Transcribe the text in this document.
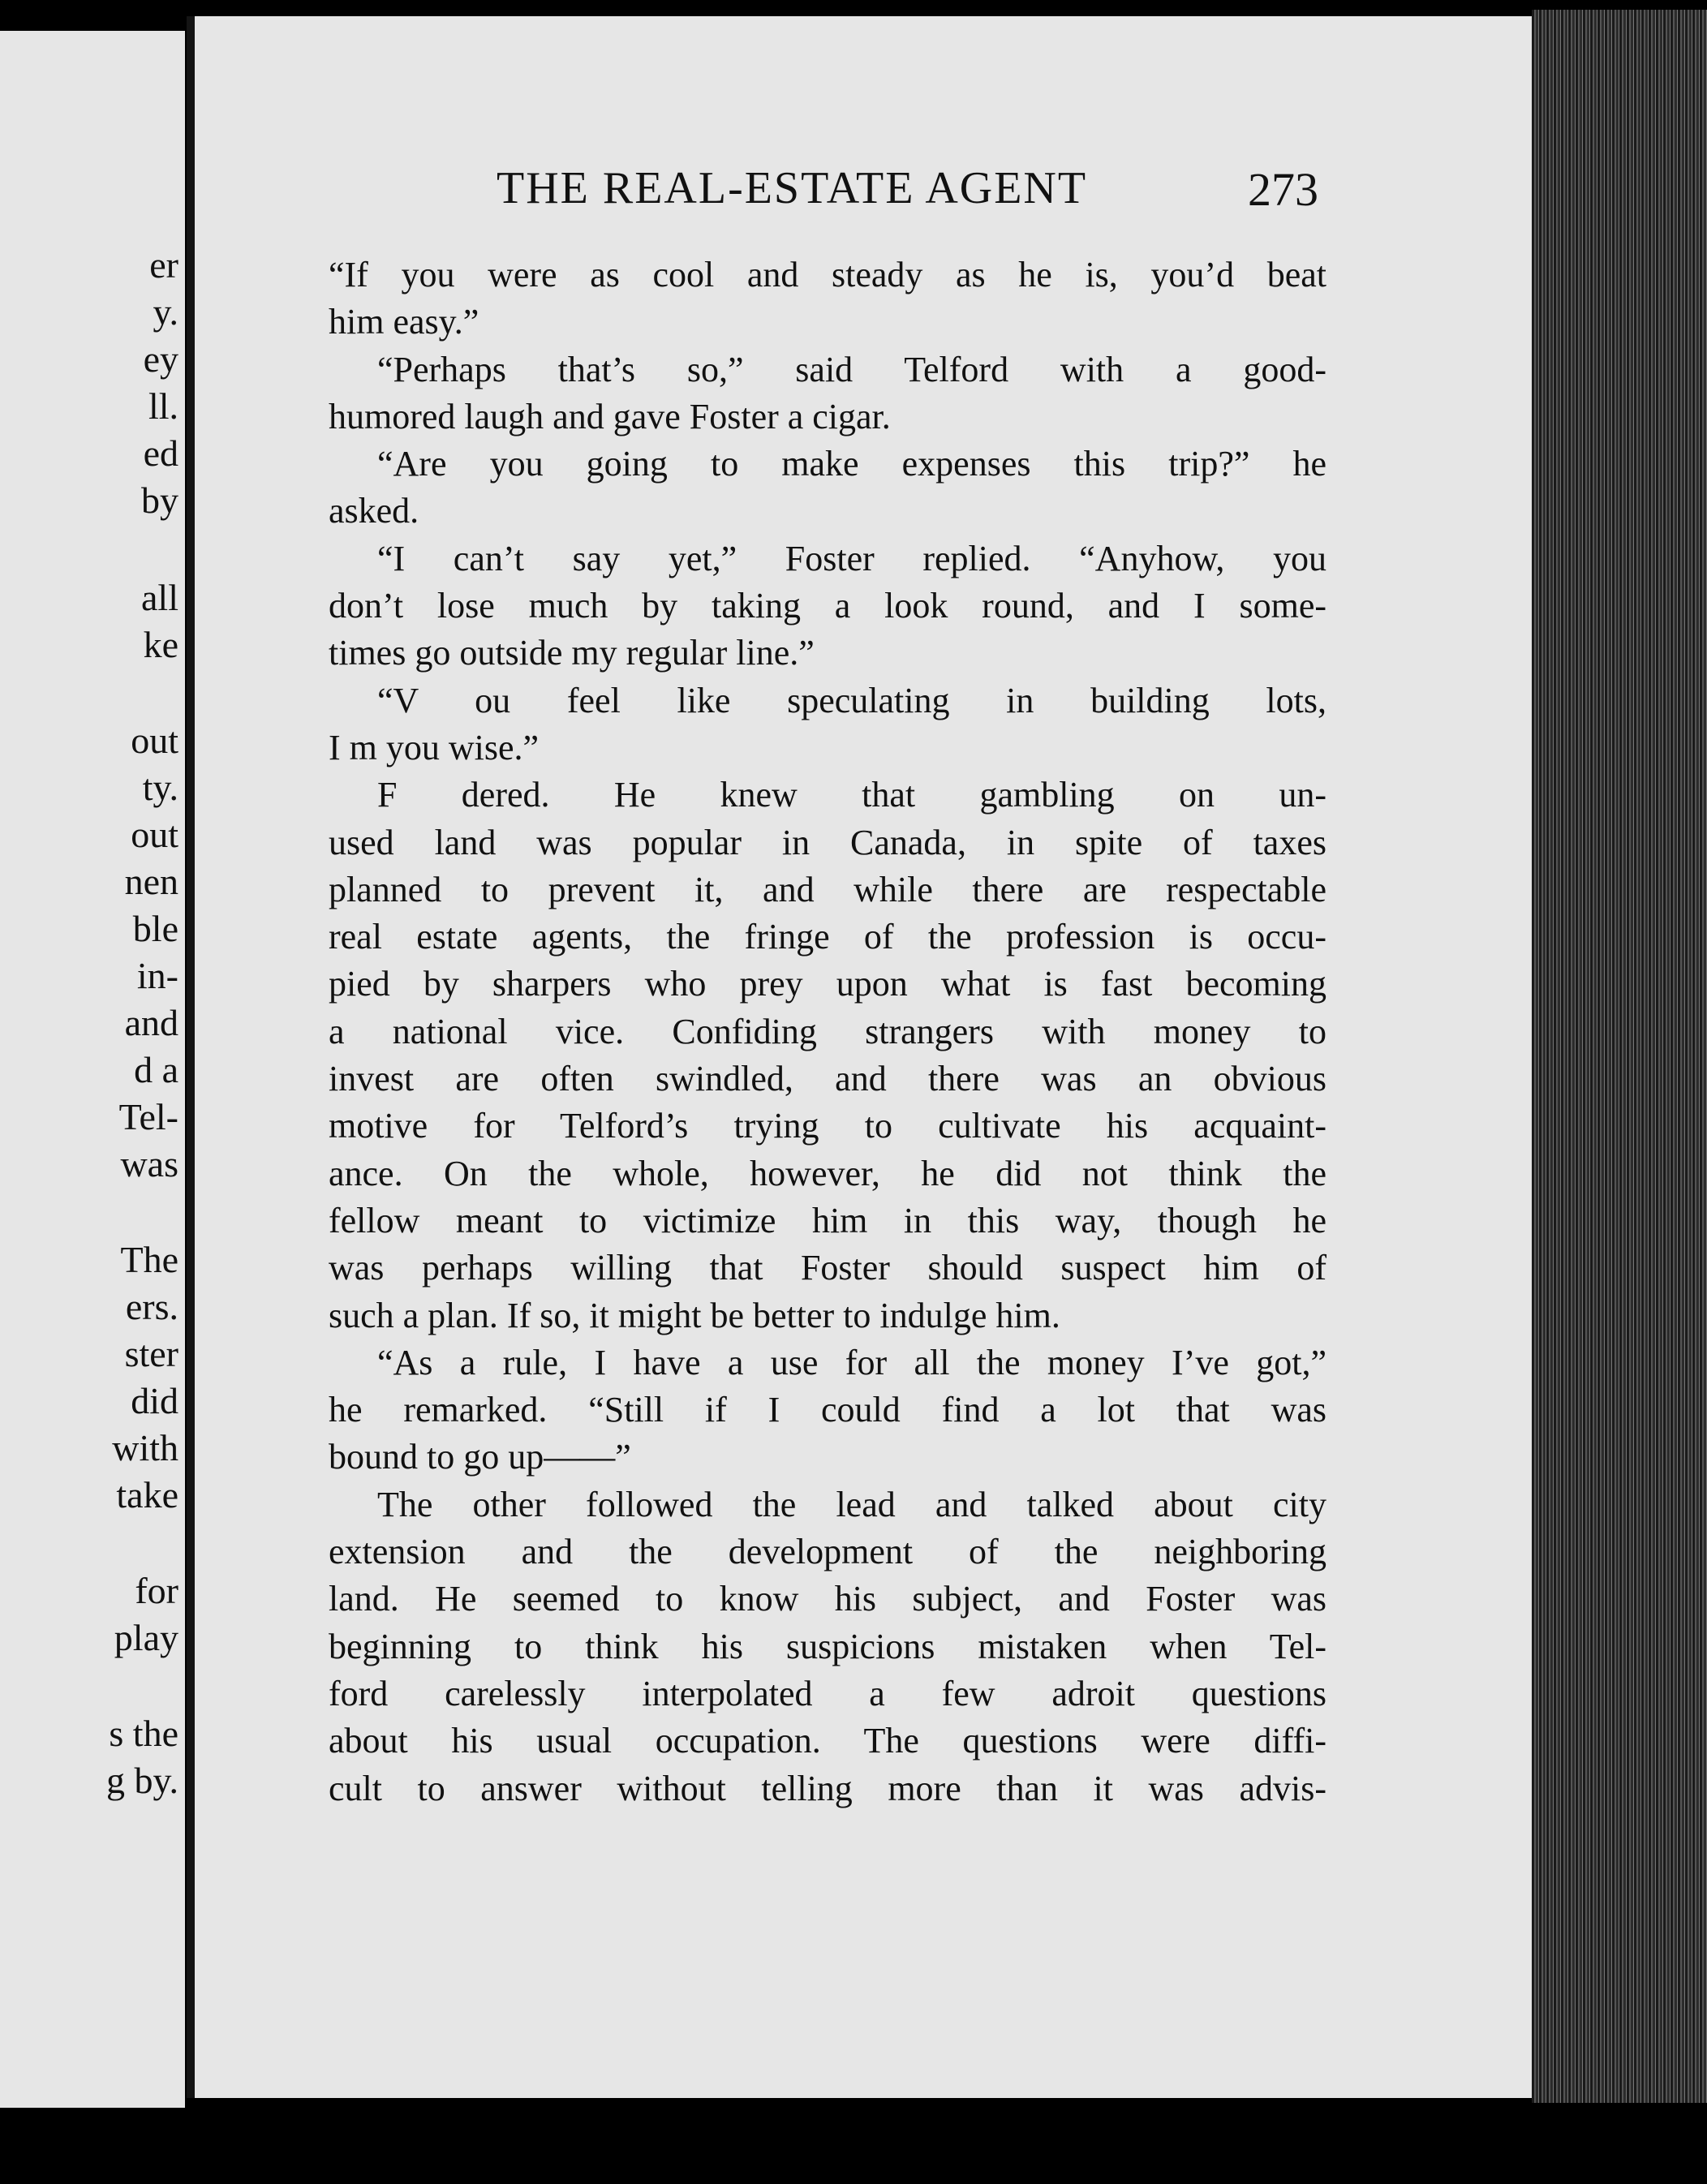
er
y.
ey
ll.
ed
by
all
ke
out
ty.
out
nen
ble
in-
and
d a
Tel-
was
The
ers.
ster
did
with
take
for
play
s the
g by.
THE REAL-ESTATE AGENT	273
“If you were as cool and steady as he is, you’d beat
him easy.”
“Perhaps that’s so,” said Telford with a good-
humored laugh and gave Foster a cigar.
“Are you going to make expenses this trip?” he
asked.
“I can’t say yet,” Foster replied. “Anyhow, you
don’t lose much by taking a look round, and I some-
times go outside my regular line.”
“V ou feel like speculating in building lots,
I m you wise.”
F dered. He knew that gambling on un-
used land was popular in Canada, in spite of taxes
planned to prevent it, and while there are respectable
real estate agents, the fringe of the profession is occu-
pied by sharpers who prey upon what is fast becoming
a national vice. Confiding strangers with money to
invest are often swindled, and there was an obvious
motive for Telford’s trying to cultivate his acquaint-
ance. On the whole, however, he did not think the
fellow meant to victimize him in this way, though he
was perhaps willing that Foster should suspect him of
such a plan. If so, it might be better to indulge him.
“As a rule, I have a use for all the money I’ve got,”
he remarked. “Still if I could find a lot that was
bound to go up——”
The other followed the lead and talked about city
extension and the development of the neighboring
land. He seemed to know his subject, and Foster was
beginning to think his suspicions mistaken when Tel-
ford carelessly interpolated a few adroit questions
about his usual occupation. The questions were diffi-
cult to answer without telling more than it was advis-
